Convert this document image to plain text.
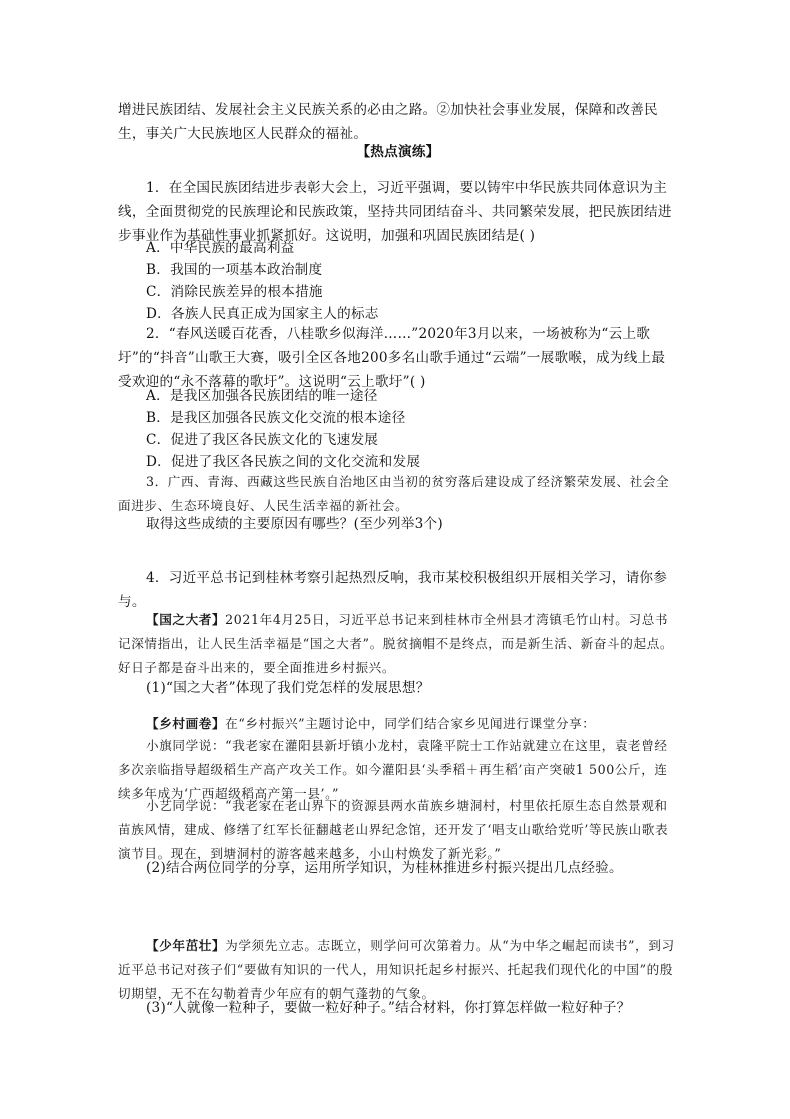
增进民族团结、发展社会主义民族关系的必由之路。②加快社会事业发展，保障和改善民生，事关广大民族地区人民群众的福祉。

【热点演练】

1．在全国民族团结进步表彰大会上，习近平强调，要以铸牢中华民族共同体意识为主线，全面贯彻党的民族理论和民族政策，坚持共同团结奋斗、共同繁荣发展，把民族团结进步事业作为基础性事业抓紧抓好。这说明，加强和巩固民族团结是( )

A．中华民族的最高利益

B．我国的一项基本政治制度

C．消除民族差异的根本措施

D．各族人民真正成为国家主人的标志

2．“春风送暖百花香，八桂歌乡似海洋……”2020年3月以来，一场被称为“云上歌圩”的“抖音”山歌王大赛，吸引全区各地200多名山歌手通过“云端”一展歌喉，成为线上最受欢迎的“永不落幕的歌圩”。这说明“云上歌圩”( )

A．是我区加强各民族团结的唯一途径

B．是我区加强各民族文化交流的根本途径

C．促进了我区各民族文化的飞速发展

D．促进了我区各民族之间的文化交流和发展

3．广西、青海、西藏这些民族自治地区由当初的贫穷落后建设成了经济繁荣发展、社会全面进步、生态环境良好、人民生活幸福的新社会。

取得这些成绩的主要原因有哪些？(至少列举3个)

4．习近平总书记到桂林考察引起热烈反响，我市某校积极组织开展相关学习，请你参与。

【国之大者】2021年4月25日，习近平总书记来到桂林市全州县才湾镇毛竹山村。习总书记深情指出，让人民生活幸福是“国之大者”。脱贫摘帽不是终点，而是新生活、新奋斗的起点。好日子都是奋斗出来的，要全面推进乡村振兴。

(1)“国之大者”体现了我们党怎样的发展思想？

【乡村画卷】在“乡村振兴”主题讨论中，同学们结合家乡见闻进行课堂分享：

小旗同学说：“我老家在灌阳县新圩镇小龙村，袁隆平院士工作站就建立在这里，袁老曾经多次亲临指导超级稻生产高产攻关工作。如今灌阳县‘头季稻＋再生稻’亩产突破1 500公斤，连续多年成为‘广西超级稻高产第一县’。”

小艺同学说：“我老家在老山界下的资源县两水苗族乡塘洞村，村里依托原生态自然景观和苗族风情，建成、修缮了红军长征翻越老山界纪念馆，还开发了‘唱支山歌给党听’等民族山歌表演节目。现在，到塘洞村的游客越来越多，小山村焕发了新光彩。”

(2)结合两位同学的分享，运用所学知识，为桂林推进乡村振兴提出几点经验。

【少年茁壮】为学须先立志。志既立，则学问可次第着力。从“为中华之崛起而读书”，到习近平总书记对孩子们“要做有知识的一代人，用知识托起乡村振兴、托起我们现代化的中国”的殷切期望，无不在勾勒着青少年应有的朝气蓬勃的气象。

(3)“人就像一粒种子，要做一粒好种子。”结合材料，你打算怎样做一粒好种子？
